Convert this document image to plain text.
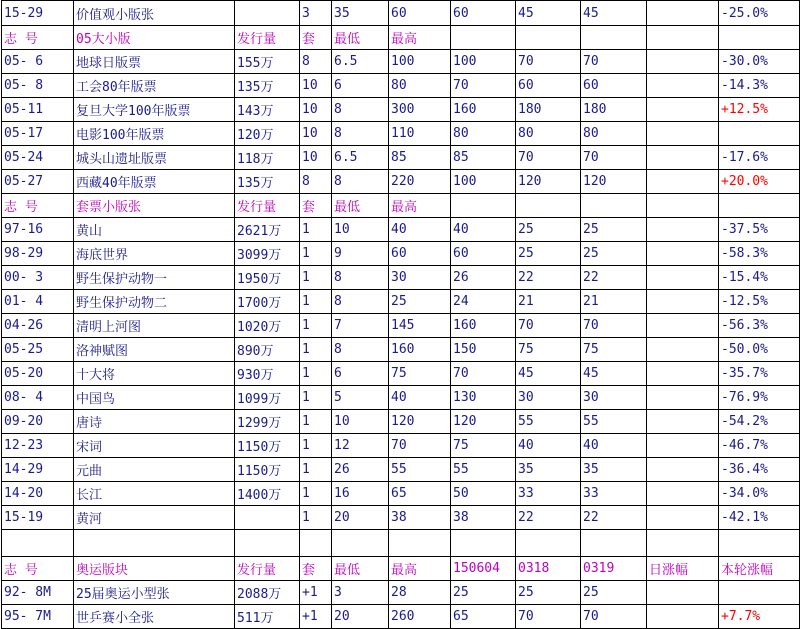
15-29	价值观小版张		3	35	60	60	45	45		-25.0%
志 号	05大小版	发行量	套	最低	最高					
05- 6	地球日版票	155万	8	6.5	100	100	70	70		-30.0%
05- 8	工会80年版票	135万	10	6	80	70	60	60		-14.3%
05-11	复旦大学100年版票	143万	10	8	300	160	180	180		+12.5%
05-17	电影100年版票	120万	10	8	110	80	80	80		
05-24	城头山遗址版票	118万	10	6.5	85	85	70	70		-17.6%
05-27	西藏40年版票	135万	8	8	220	100	120	120		+20.0%
志 号	套票小版张	发行量	套	最低	最高					
97-16	黄山	2621万	1	10	40	40	25	25		-37.5%
98-29	海底世界	3099万	1	9	60	60	25	25		-58.3%
00- 3	野生保护动物一	1950万	1	8	30	26	22	22		-15.4%
01- 4	野生保护动物二	1700万	1	8	25	24	21	21		-12.5%
04-26	清明上河图	1020万	1	7	145	160	70	70		-56.3%
05-25	洛神赋图	890万	1	8	160	150	75	75		-50.0%
05-20	十大将	930万	1	6	75	70	45	45		-35.7%
08- 4	中国鸟	1099万	1	5	40	130	30	30		-76.9%
09-20	唐诗	1299万	1	10	120	120	55	55		-54.2%
12-23	宋词	1150万	1	12	70	75	40	40		-46.7%
14-29	元曲	1150万	1	26	55	55	35	35		-36.4%
14-20	长江	1400万	1	16	65	50	33	33		-34.0%
15-19	黄河		1	20	38	38	22	22		-42.1%

志 号	奥运版块	发行量	套	最低	最高	150604	0318	0319	日涨幅	本轮涨幅
92- 8M	25届奥运小型张	2088万	+1	3	28	25	25	25		
95- 7M	世乒赛小全张	511万	+1	20	260	65	70	70		+7.7%
